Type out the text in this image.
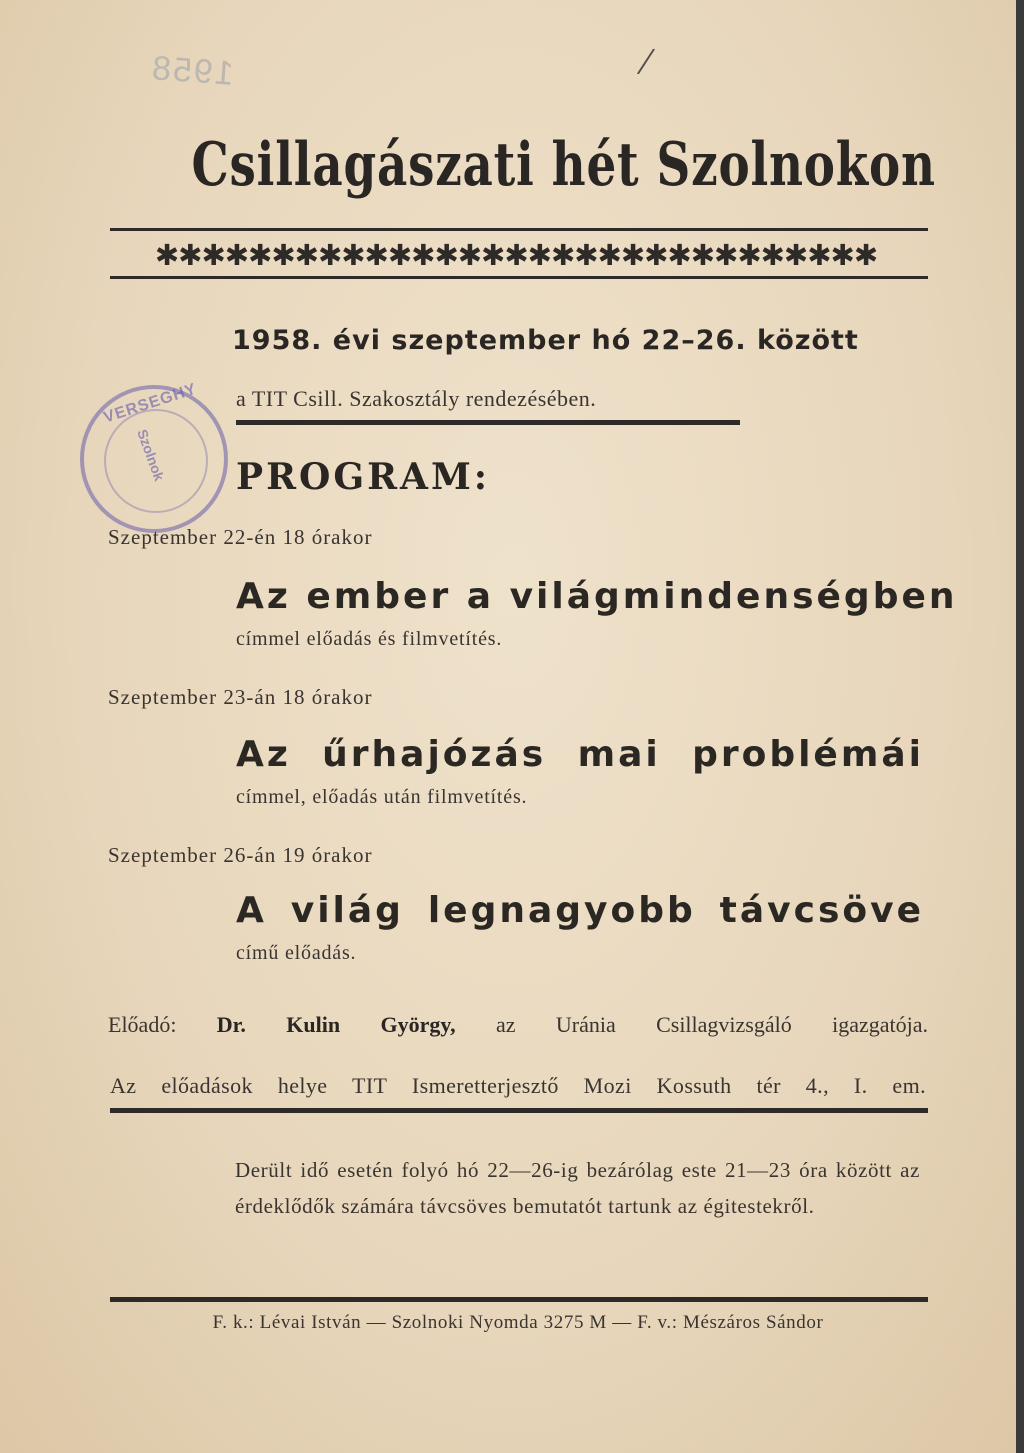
1958	/
VERSEGHY
Szolnok
Csillagászati hét Szolnokon
✱✱✱✱✱✱✱✱✱✱✱✱✱✱✱✱✱✱✱✱✱✱✱✱✱✱✱✱✱✱✱
1958. évi szeptember hó 22–26. között
a TIT Csill. Szakosztály rendezésében.
PROGRAM:
Szeptember 22-én 18 órakor
Az ember a világmindenségben
címmel előadás és filmvetítés.
Szeptember 23-án 18 órakor
Az űrhajózás mai problémái
címmel, előadás után filmvetítés.
Szeptember 26-án 19 órakor
A világ legnagyobb távcsöve
című előadás.
Előadó: Dr. Kulin György, az Uránia Csillagvizsgáló igazgatója.
Az előadások helye TIT Ismeretterjesztő Mozi Kossuth tér 4., I. em.
Derült idő esetén folyó hó 22—26-ig bezárólag este 21—23 óra között az érdeklődők számára távcsöves bemutatót tartunk az égitestekről.
F. k.: Lévai István — Szolnoki Nyomda 3275 M — F. v.: Mészáros Sándor
